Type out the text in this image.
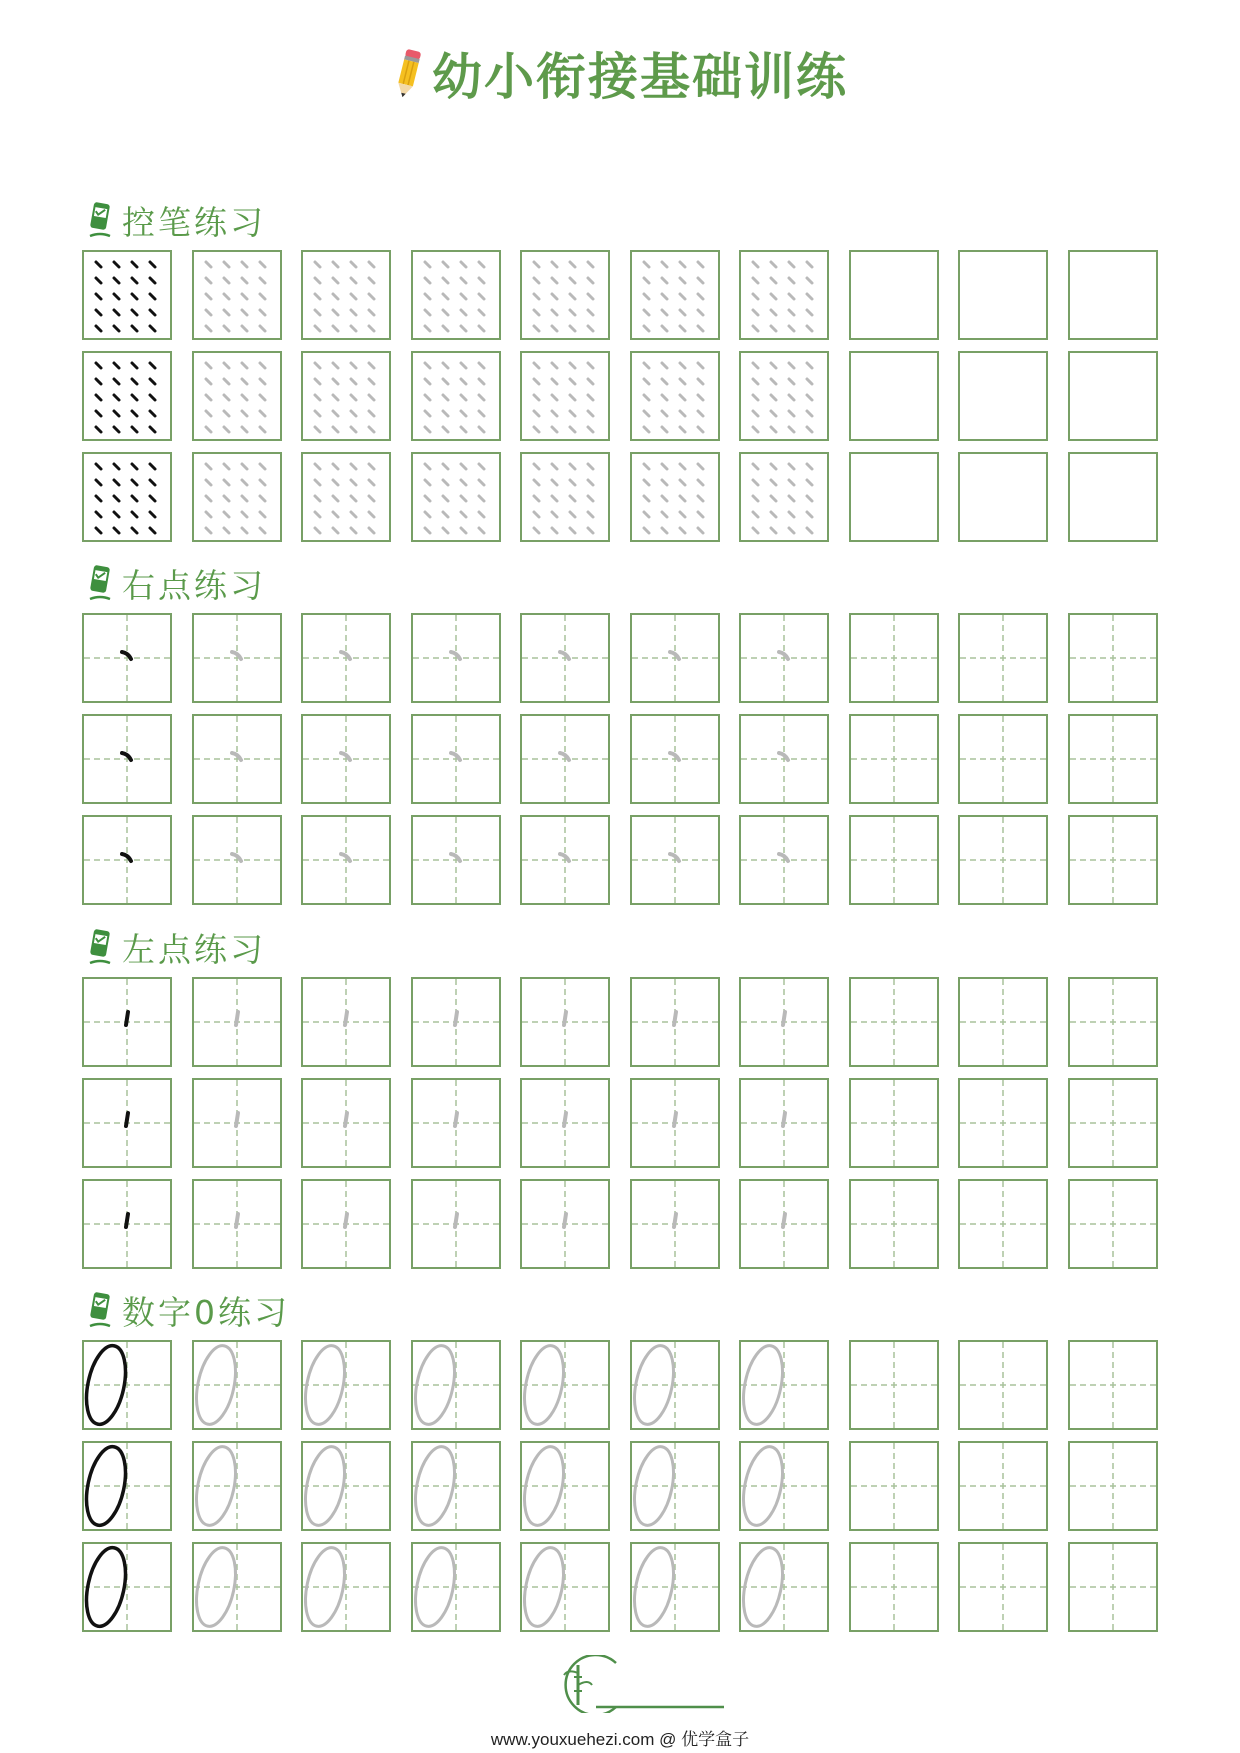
幼小衔接基础训练
控笔练习
右点练习
左点练习
数字0练习
www.youxuehezi.com @ 优学盒子
